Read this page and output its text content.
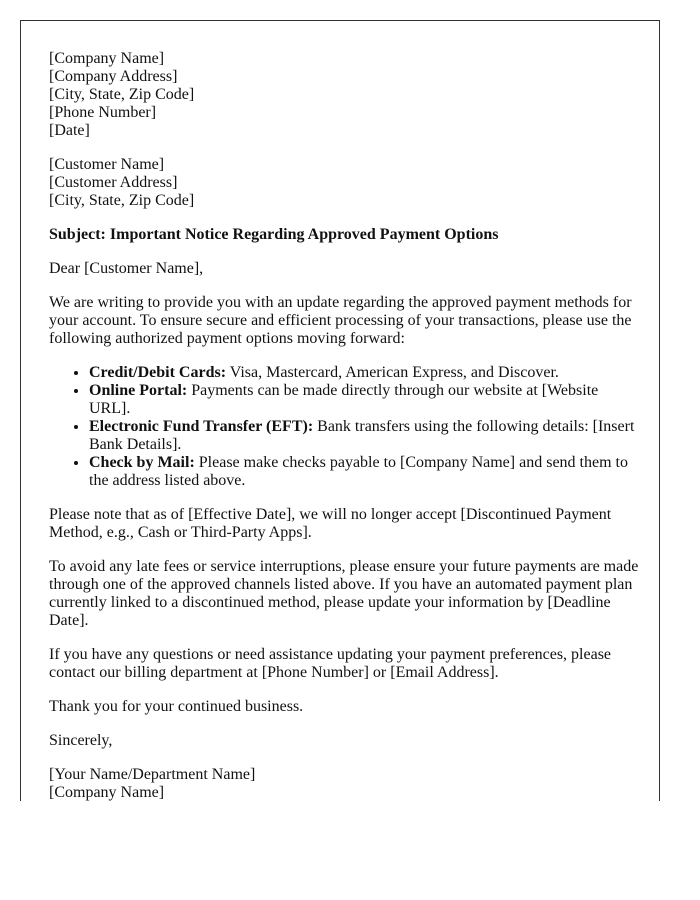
[Company Name]
[Company Address]
[City, State, Zip Code]
[Phone Number]
[Date]
[Customer Name]
[Customer Address]
[City, State, Zip Code]

Subject: Important Notice Regarding Approved Payment Options

Dear [Customer Name],

We are writing to provide you with an update regarding the approved payment methods for your account. To ensure secure and efficient processing of your transactions, please use the following authorized payment options moving forward:

• Credit/Debit Cards: Visa, Mastercard, American Express, and Discover.
• Online Portal: Payments can be made directly through our website at [Website URL].
• Electronic Fund Transfer (EFT): Bank transfers using the following details: [Insert Bank Details].
• Check by Mail: Please make checks payable to [Company Name] and send them to the address listed above.

Please note that as of [Effective Date], we will no longer accept [Discontinued Payment Method, e.g., Cash or Third-Party Apps].

To avoid any late fees or service interruptions, please ensure your future payments are made through one of the approved channels listed above. If you have an automated payment plan currently linked to a discontinued method, please update your information by [Deadline Date].

If you have any questions or need assistance updating your payment preferences, please contact our billing department at [Phone Number] or [Email Address].

Thank you for your continued business.

Sincerely,

[Your Name/Department Name]
[Company Name]
